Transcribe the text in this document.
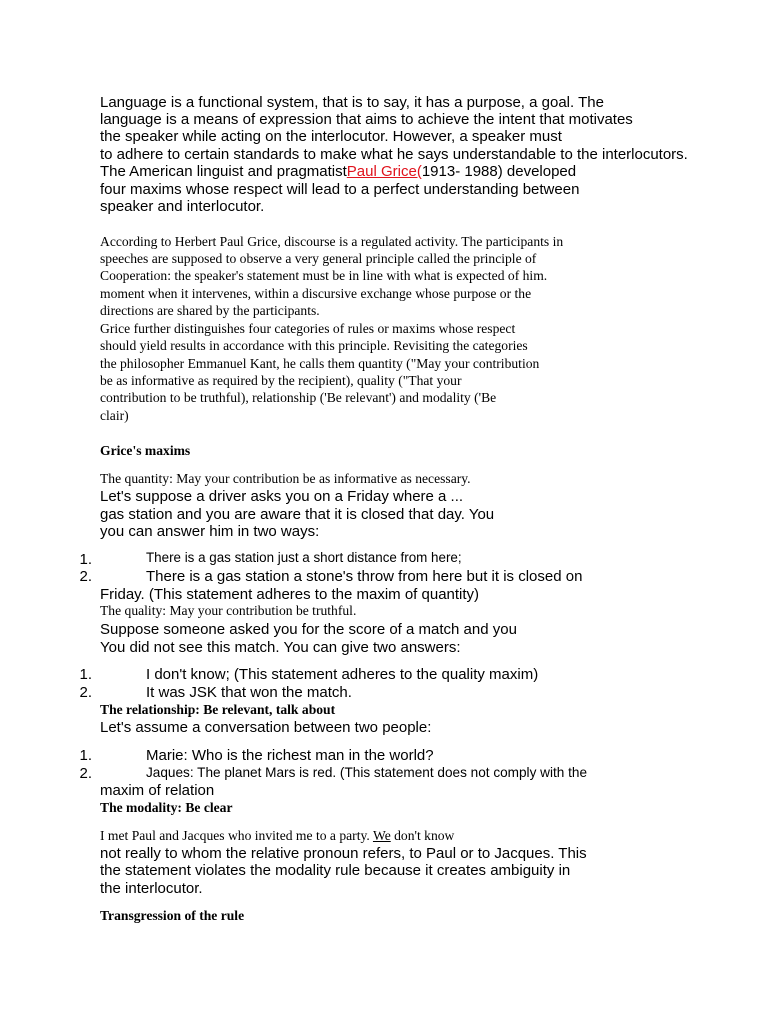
Language is a functional system, that is to say, it has a purpose, a goal. The
language is a means of expression that aims to achieve the intent that motivates
the speaker while acting on the interlocutor. However, a speaker must
to adhere to certain standards to make what he says understandable to the interlocutors.
The American linguist and pragmatistPaul Grice(1913- 1988) developed
four maxims whose respect will lead to a perfect understanding between
speaker and interlocutor.
According to Herbert Paul Grice, discourse is a regulated activity. The participants in
speeches are supposed to observe a very general principle called the principle of
Cooperation: the speaker's statement must be in line with what is expected of him.
moment when it intervenes, within a discursive exchange whose purpose or the
directions are shared by the participants.
Grice further distinguishes four categories of rules or maxims whose respect
should yield results in accordance with this principle. Revisiting the categories
the philosopher Emmanuel Kant, he calls them quantity ("May your contribution
be as informative as required by the recipient), quality ("That your
contribution to be truthful), relationship ('Be relevant') and modality ('Be
clair)
Grice's maxims
The quantity: May your contribution be as informative as necessary.
Let's suppose a driver asks you on a Friday where a ...
gas station and you are aware that it is closed that day. You
you can answer him in two ways:
1.	There is a gas station just a short distance from here;
2.	There is a gas station a stone's throw from here but it is closed on
Friday. (This statement adheres to the maxim of quantity)
The quality: May your contribution be truthful.
Suppose someone asked you for the score of a match and you
You did not see this match. You can give two answers:
1.	I don't know; (This statement adheres to the quality maxim)
2.	It was JSK that won the match.
The relationship: Be relevant, talk about
Let's assume a conversation between two people:
1.	Marie: Who is the richest man in the world?
2.	Jaques: The planet Mars is red. (This statement does not comply with the
maxim of relation
The modality: Be clear
I met Paul and Jacques who invited me to a party. We don't know
not really to whom the relative pronoun refers, to Paul or to Jacques. This
the statement violates the modality rule because it creates ambiguity in
the interlocutor.
Transgression of the rule
